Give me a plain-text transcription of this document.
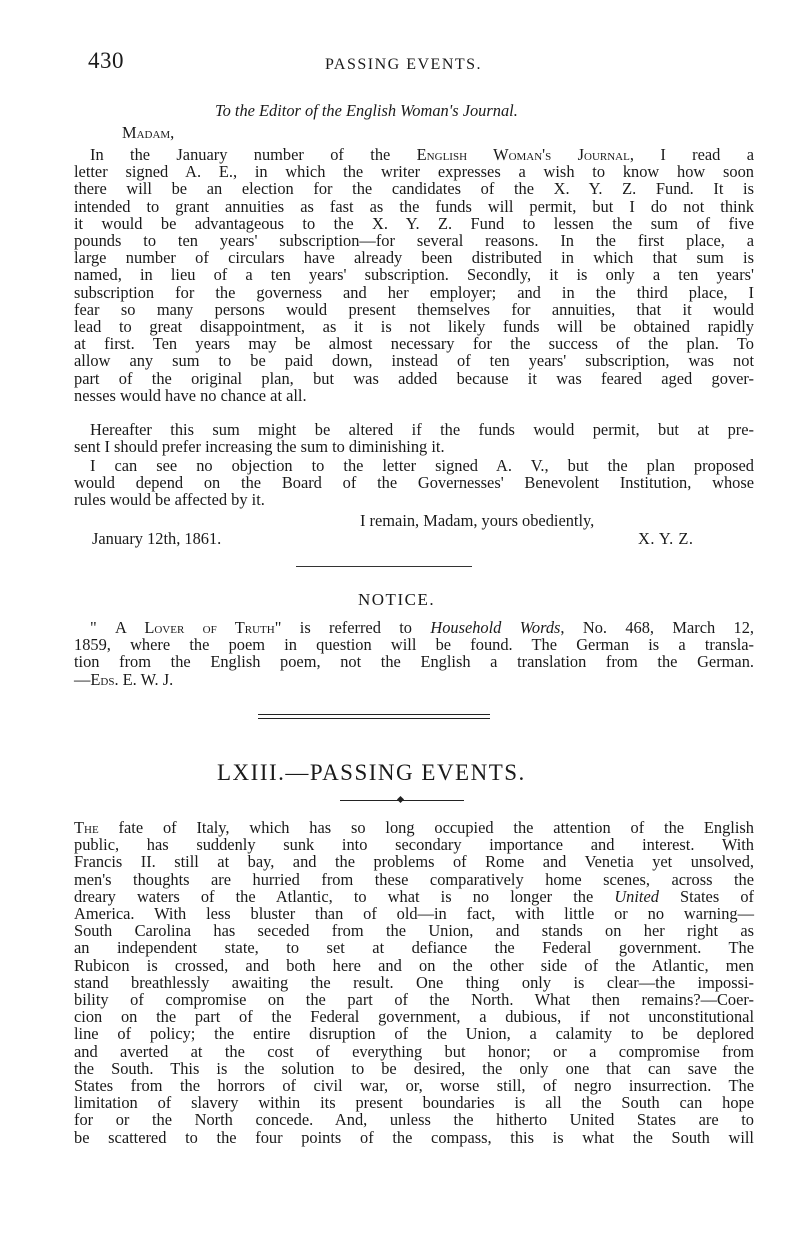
430	PASSING EVENTS.
To the Editor of the English Woman's Journal.
Madam,
In the January number of the English Woman's Journal, I read a
letter signed A. E., in which the writer expresses a wish to know how soon
there will be an election for the candidates of the X. Y. Z. Fund. It is
intended to grant annuities as fast as the funds will permit, but I do not think
it would be advantageous to the X. Y. Z. Fund to lessen the sum of five
pounds to ten years' subscription—for several reasons. In the first place, a
large number of circulars have already been distributed in which that sum is
named, in lieu of a ten years' subscription. Secondly, it is only a ten years'
subscription for the governess and her employer; and in the third place, I
fear so many persons would present themselves for annuities, that it would
lead to great disappointment, as it is not likely funds will be obtained rapidly
at first. Ten years may be almost necessary for the success of the plan. To
allow any sum to be paid down, instead of ten years' subscription, was not
part of the original plan, but was added because it was feared aged gover-
nesses would have no chance at all.
Hereafter this sum might be altered if the funds would permit, but at pre-
sent I should prefer increasing the sum to diminishing it.
I can see no objection to the letter signed A. V., but the plan proposed
would depend on the Board of the Governesses' Benevolent Institution, whose
rules would be affected by it.
I remain, Madam, yours obediently,
January 12th, 1861.	X. Y. Z.
NOTICE.
" A Lover of Truth" is referred to Household Words, No. 468, March 12,
1859, where the poem in question will be found. The German is a transla-
tion from the English poem, not the English a translation from the German.
—Eds. E. W. J.
LXIII.—PASSING EVENTS.
The fate of Italy, which has so long occupied the attention of the English
public, has suddenly sunk into secondary importance and interest. With
Francis II. still at bay, and the problems of Rome and Venetia yet unsolved,
men's thoughts are hurried from these comparatively home scenes, across the
dreary waters of the Atlantic, to what is no longer the United States of
America. With less bluster than of old—in fact, with little or no warning—
South Carolina has seceded from the Union, and stands on her right as
an independent state, to set at defiance the Federal government. The
Rubicon is crossed, and both here and on the other side of the Atlantic, men
stand breathlessly awaiting the result. One thing only is clear—the impossi-
bility of compromise on the part of the North. What then remains?—Coer-
cion on the part of the Federal government, a dubious, if not unconstitutional
line of policy; the entire disruption of the Union, a calamity to be deplored
and averted at the cost of everything but honor; or a compromise from
the South. This is the solution to be desired, the only one that can save the
States from the horrors of civil war, or, worse still, of negro insurrection. The
limitation of slavery within its present boundaries is all the South can hope
for or the North concede. And, unless the hitherto United States are to
be scattered to the four points of the compass, this is what the South will
